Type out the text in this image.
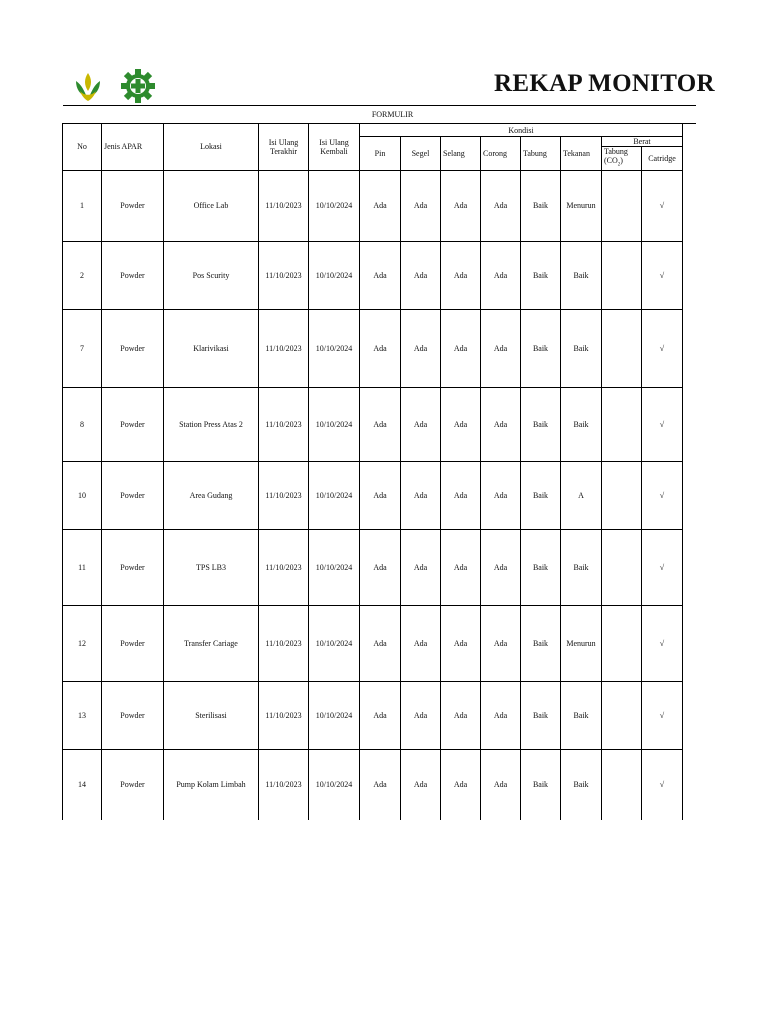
REKAP MONITOR
FORMULIR													
No	Jenis APAR	Lokasi	Isi Ulang Terakhir	Isi Ulang Kembali	Kondisi								
					Pin	Segel	Selang	Corong	Tabung	Tekanan	Berat		
											Tabung $(CO_2)$	Catridge	
1	Powder	Office Lab	11/10/2023	10/10/2024	Ada	Ada	Ada	Ada	Baik	Menurun		√	
2	Powder	Pos Scurity	11/10/2023	10/10/2024	Ada	Ada	Ada	Ada	Baik	Baik		√	
7	Powder	Klarivikasi	11/10/2023	10/10/2024	Ada	Ada	Ada	Ada	Baik	Baik		√	
8	Powder	Station Press Atas 2	11/10/2023	10/10/2024	Ada	Ada	Ada	Ada	Baik	Baik		√	
10	Powder	Area Gudang	11/10/2023	10/10/2024	Ada	Ada	Ada	Ada	Baik	A		√	
11	Powder	TPS LB3	11/10/2023	10/10/2024	Ada	Ada	Ada	Ada	Baik	Baik		√	
12	Powder	Transfer Cariage	11/10/2023	10/10/2024	Ada	Ada	Ada	Ada	Baik	Menurun		√	
13	Powder	Sterilisasi	11/10/2023	10/10/2024	Ada	Ada	Ada	Ada	Baik	Baik		√	
14	Powder	Pump Kolam Limbah	11/10/2023	10/10/2024	Ada	Ada	Ada	Ada	Baik	Baik		√	
